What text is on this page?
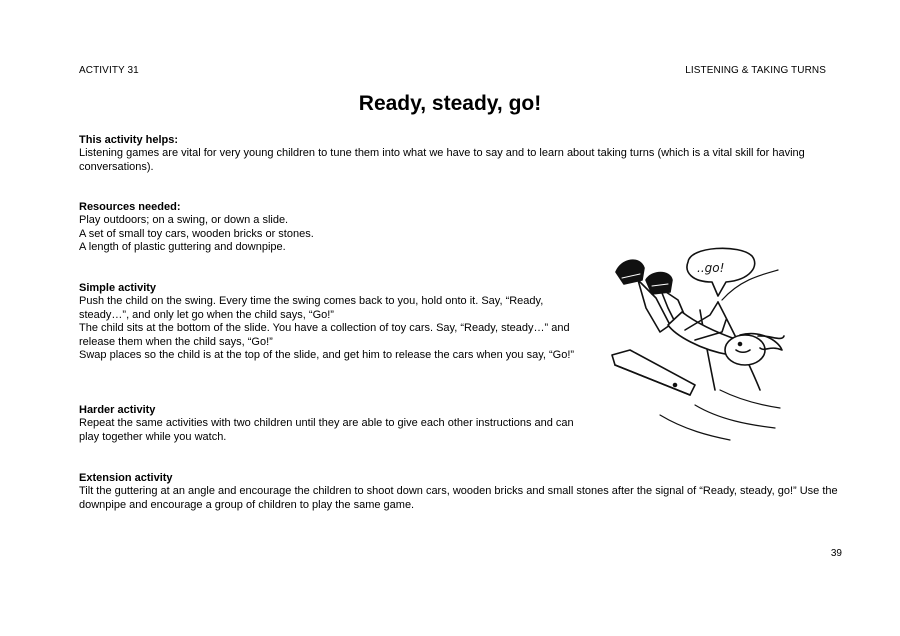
ACTIVITY 31	LISTENING & TAKING TURNS
Ready, steady, go!
This activity helps:

Listening games are vital for very young children to tune them into what we have to say and to learn about taking turns (which is a vital skill for having conversations).

Resources needed:

Play outdoors; on a swing, or down a slide.

A set of small toy cars, wooden bricks or stones.

A length of plastic guttering and downpipe.

Simple activity

Push the child on the swing. Every time the swing comes back to you, hold onto it. Say, “Ready, steady…”, and only let go when the child says, “Go!”

The child sits at the bottom of the slide. You have a collection of toy cars. Say, “Ready, steady…” and release them when the child says, “Go!”

Swap places so the child is at the top of the slide, and get him to release the cars when you say, “Go!”

Harder activity

Repeat the same activities with two children until they are able to give each other instructions and can play together while you watch.

Extension activity

Tilt the guttering at an angle and encourage the children to shoot down cars, wooden bricks and small stones after the signal of “Ready, steady, go!” Use the downpipe and encourage a group of children to play the same game.

..go!
39
